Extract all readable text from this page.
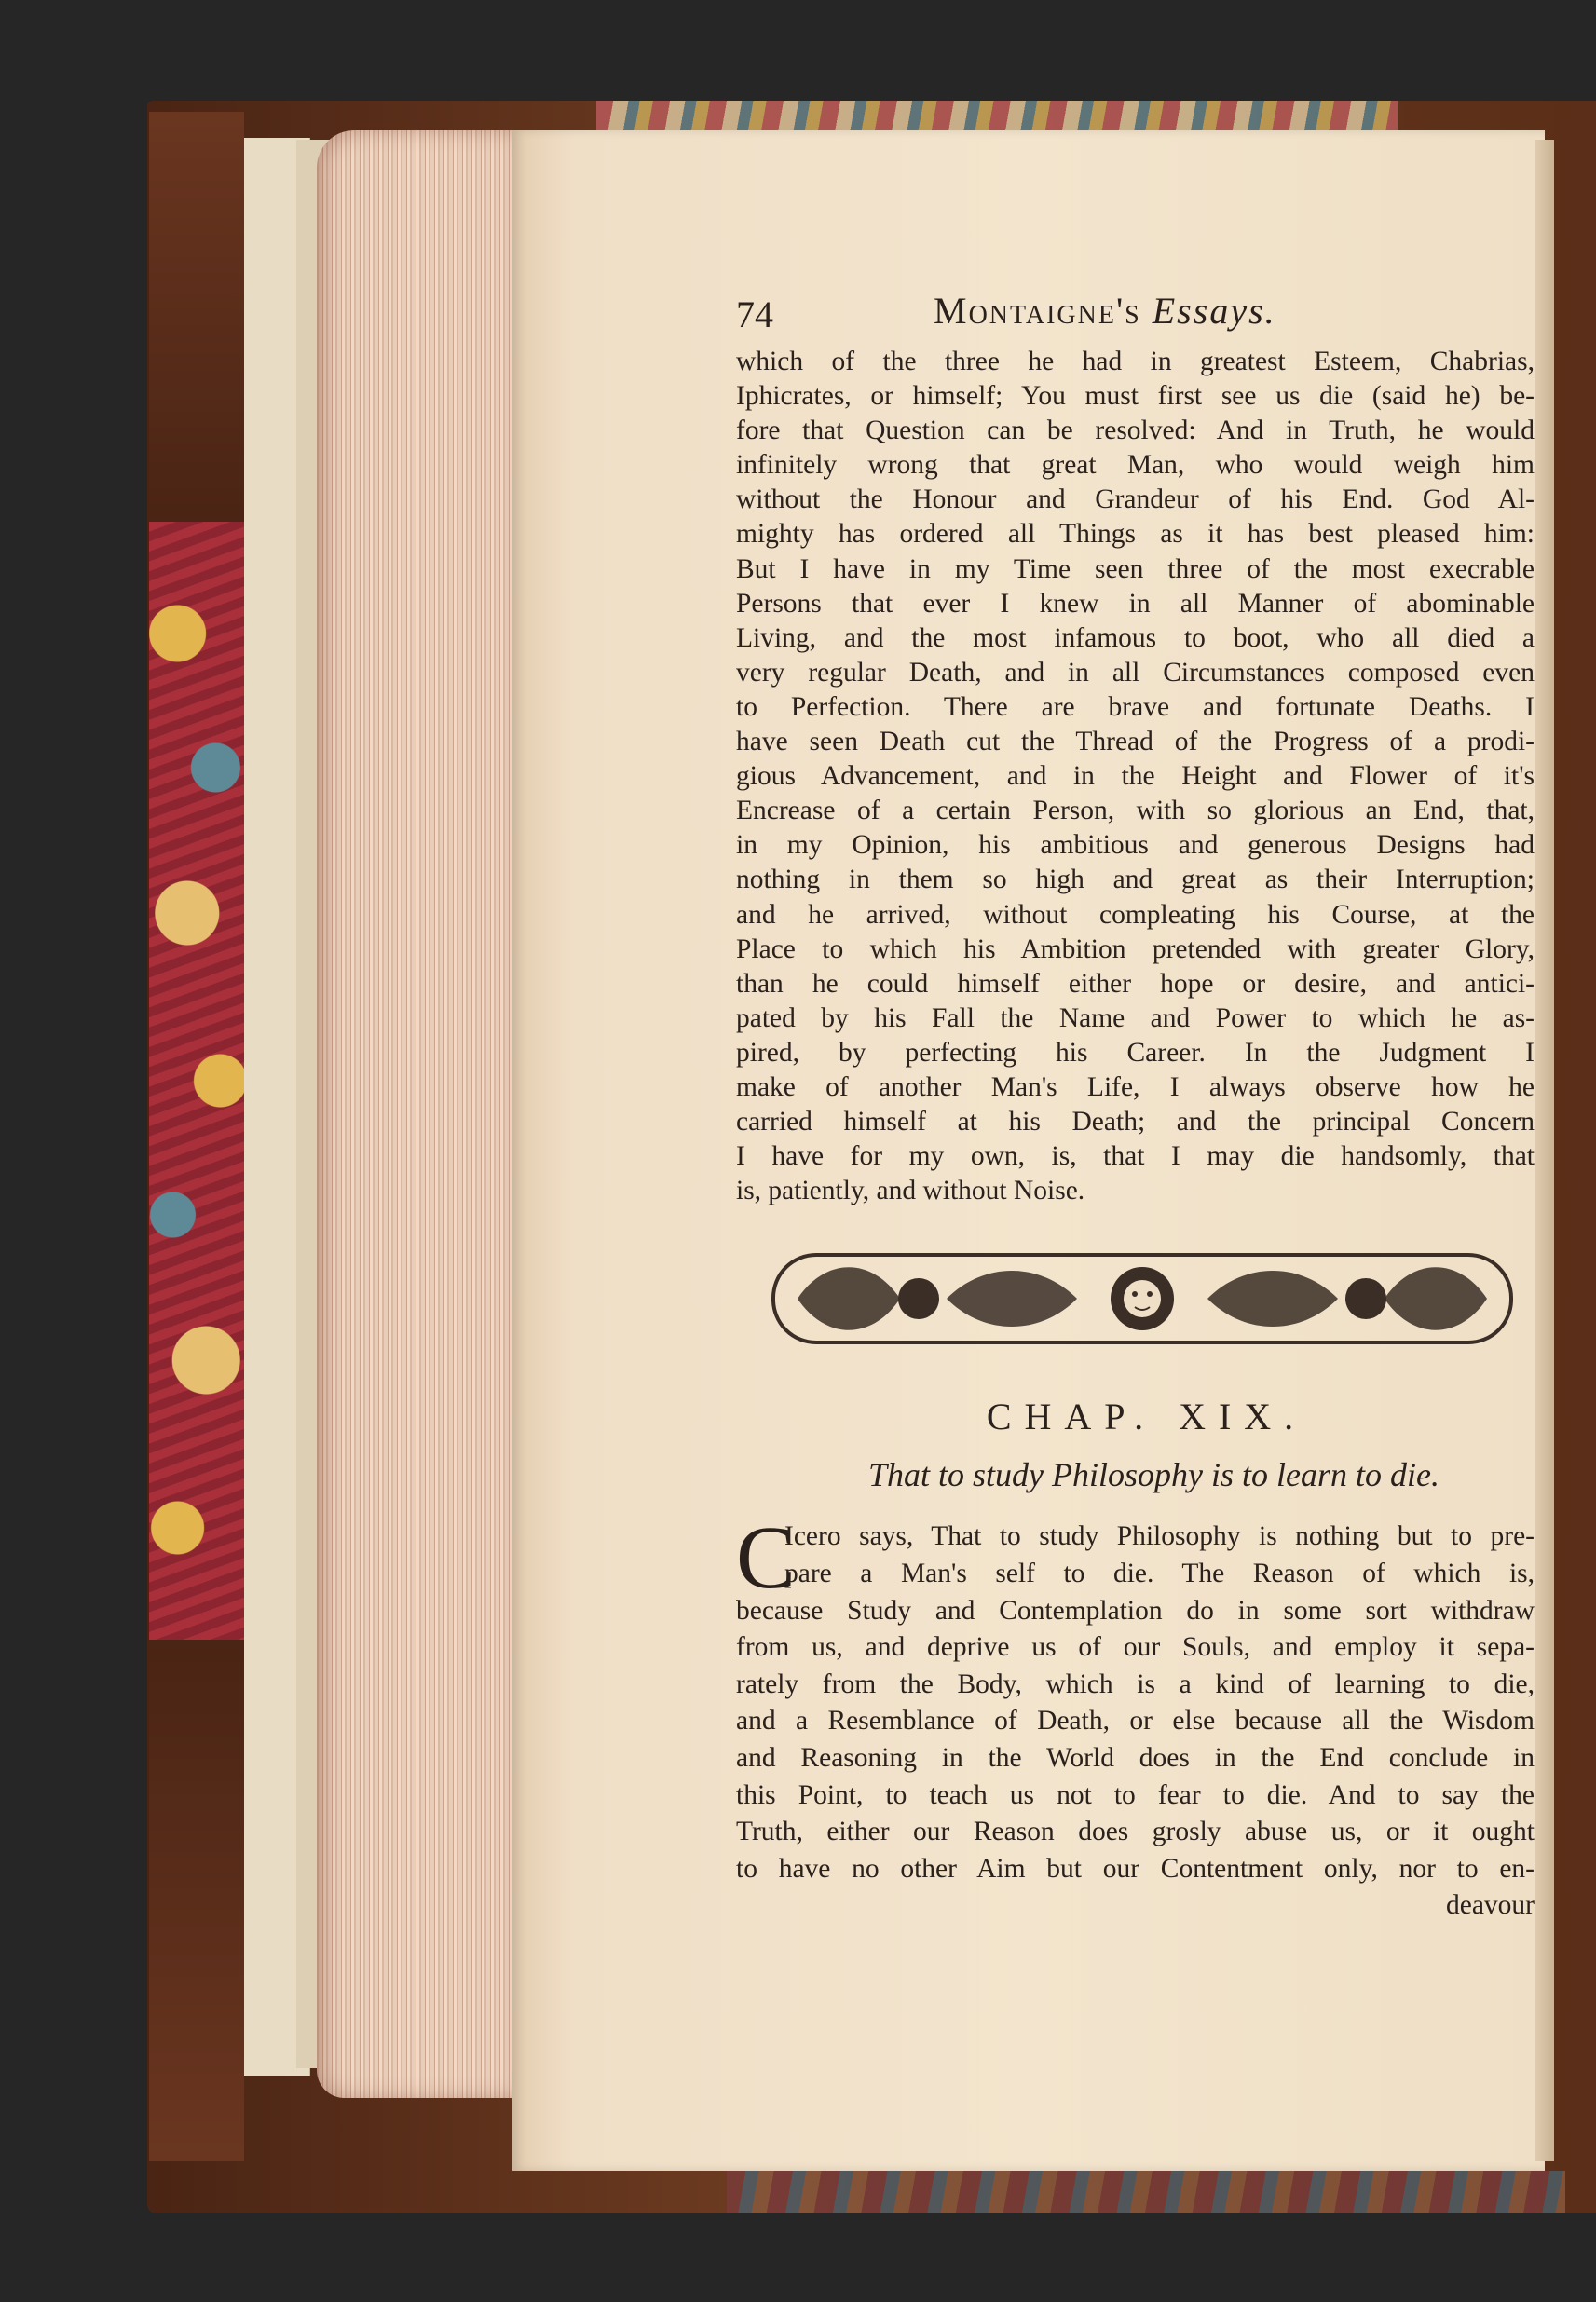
74	Montaigne's Essays.
which of the three he had in greatest Esteem, Chabrias,
Iphicrates, or himself; You must first see us die (said he) be-
fore that Question can be resolved: And in Truth, he would
infinitely wrong that great Man, who would weigh him
without the Honour and Grandeur of his End. God Al-
mighty has ordered all Things as it has best pleased him:
But I have in my Time seen three of the most execrable
Persons that ever I knew in all Manner of abominable
Living, and the most infamous to boot, who all died a
very regular Death, and in all Circumstances composed even
to Perfection. There are brave and fortunate Deaths. I
have seen Death cut the Thread of the Progress of a prodi-
gious Advancement, and in the Height and Flower of it's
Encrease of a certain Person, with so glorious an End, that,
in my Opinion, his ambitious and generous Designs had
nothing in them so high and great as their Interruption;
and he arrived, without compleating his Course, at the
Place to which his Ambition pretended with greater Glory,
than he could himself either hope or desire, and antici-
pated by his Fall the Name and Power to which he as-
pired, by perfecting his Career. In the Judgment I
make of another Man's Life, I always observe how he
carried himself at his Death; and the principal Concern
I have for my own, is, that I may die handsomly, that
is, patiently, and without Noise.
CHAP. XIX.
That to study Philosophy is to learn to die.
C
Icero says, That to study Philosophy is nothing but to pre-
pare a Man's self to die. The Reason of which is,
because Study and Contemplation do in some sort withdraw
from us, and deprive us of our Souls, and employ it sepa-
rately from the Body, which is a kind of learning to die,
and a Resemblance of Death, or else because all the Wisdom
and Reasoning in the World does in the End conclude in
this Point, to teach us not to fear to die. And to say the
Truth, either our Reason does grosly abuse us, or it ought
to have no other Aim but our Contentment only, nor to en-
deavour
